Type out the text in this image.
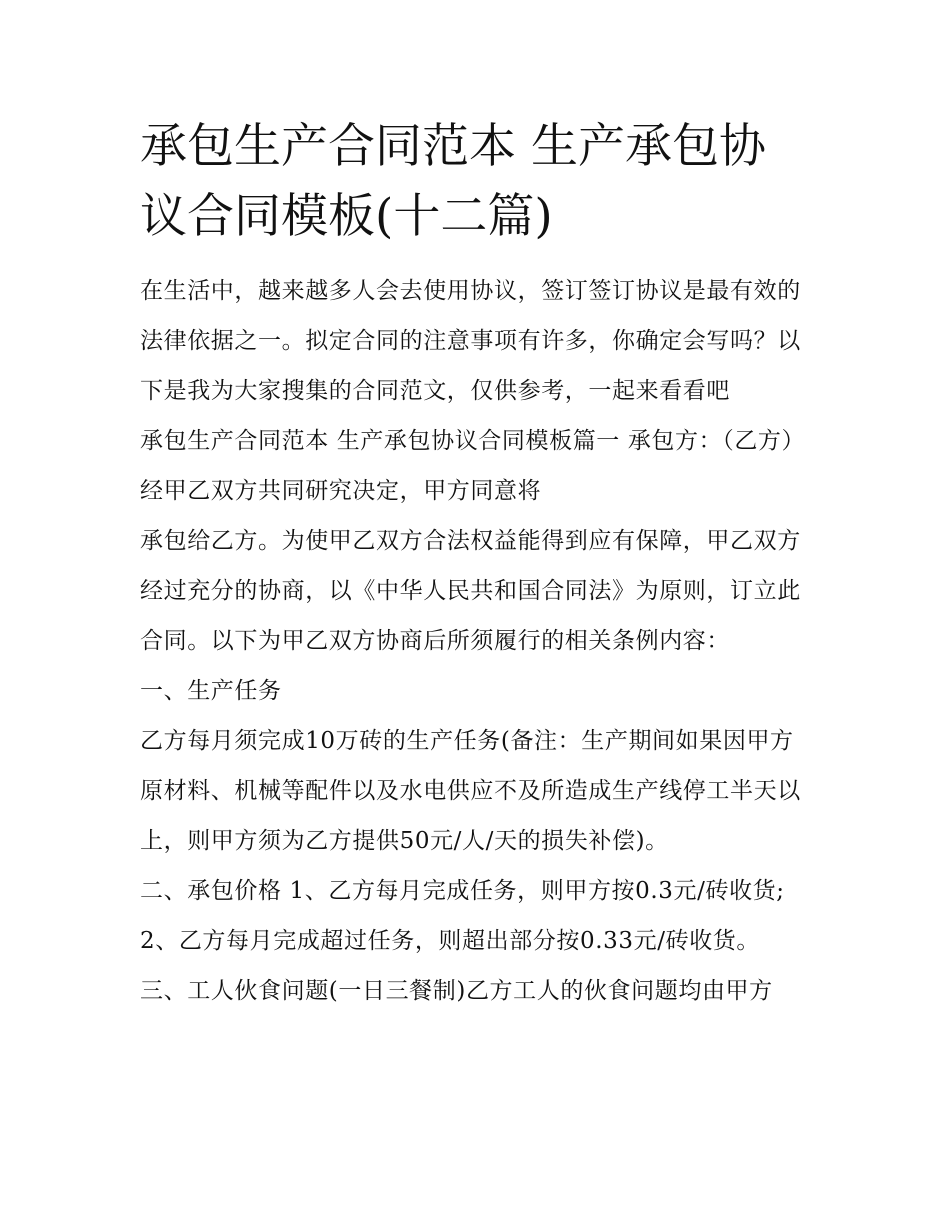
承包生产合同范本 生产承包协议合同模板(十二篇)

在生活中，越来越多人会去使用协议，签订签订协议是最有效的法律依据之一。拟定合同的注意事项有许多，你确定会写吗？以下是我为大家搜集的合同范文，仅供参考，一起来看看吧

承包生产合同范本 生产承包协议合同模板篇一 承包方：（乙方）经甲乙双方共同研究决定，甲方同意将

承包给乙方。为使甲乙双方合法权益能得到应有保障，甲乙双方经过充分的协商，以《中华人民共和国合同法》为原则，订立此合同。以下为甲乙双方协商后所须履行的相关条例内容：

一、生产任务

乙方每月须完成10万砖的生产任务(备注：生产期间如果因甲方原材料、机械等配件以及水电供应不及所造成生产线停工半天以上，则甲方须为乙方提供50元/人/天的损失补偿)。

二、承包价格 1、乙方每月完成任务，则甲方按0.3元/砖收货;

2、乙方每月完成超过任务，则超出部分按0.33元/砖收货。

三、工人伙食问题(一日三餐制)乙方工人的伙食问题均由甲方
